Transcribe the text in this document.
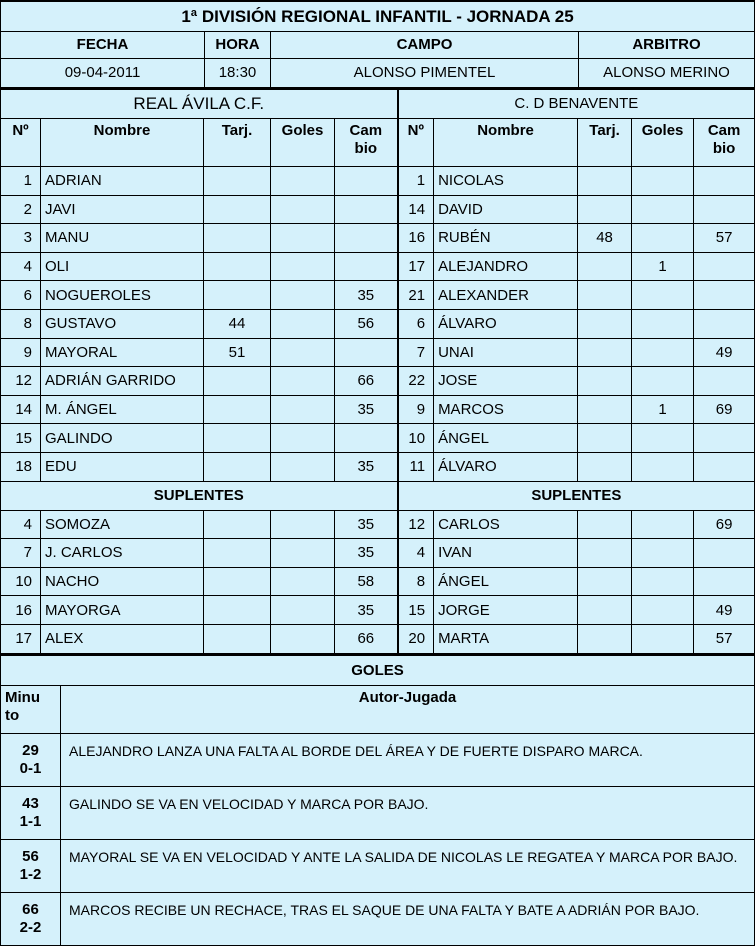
1ª DIVISIÓN REGIONAL INFANTIL - JORNADA 25			
FECHA	HORA	CAMPO	ARBITRO
09-04-2011	18:30	ALONSO PIMENTEL	ALONSO MERINO
REAL ÁVILA C.F.					C. D BENAVENTE				
Nº	Nombre	Tarj.	Goles	Cam bio	Nº	Nombre	Tarj.	Goles	Cam bio
1	ADRIAN				1	NICOLAS			
2	JAVI				14	DAVID			
3	MANU				16	RUBÉN	48		57
4	OLI				17	ALEJANDRO		1	
6	NOGUEROLES			35	21	ALEXANDER			
8	GUSTAVO	44		56	6	ÁLVARO			
9	MAYORAL	51			7	UNAI			49
12	ADRIÁN GARRIDO			66	22	JOSE			
14	M. ÁNGEL			35	9	MARCOS		1	69
15	GALINDO				10	ÁNGEL			
18	EDU			35	11	ÁLVARO			
SUPLENTES					SUPLENTES				
4	SOMOZA			35	12	CARLOS			69
7	J. CARLOS			35	4	IVAN			
10	NACHO			58	8	ÁNGEL			
16	MAYORGA			35	15	JORGE			49
17	ALEX			66	20	MARTA			57
GOLES	
Minu to	Autor-Jugada

29
0-1	ALEJANDRO LANZA UNA FALTA AL BORDE DEL ÁREA Y DE FUERTE DISPARO MARCA.

43
1-1	GALINDO SE VA EN VELOCIDAD Y MARCA POR BAJO.

56
1-2	MAYORAL SE VA EN VELOCIDAD Y ANTE LA SALIDA DE NICOLAS LE REGATEA Y MARCA POR BAJO.

66
2-2	MARCOS RECIBE UN RECHACE, TRAS EL SAQUE DE UNA FALTA Y BATE A ADRIÁN POR BAJO.
